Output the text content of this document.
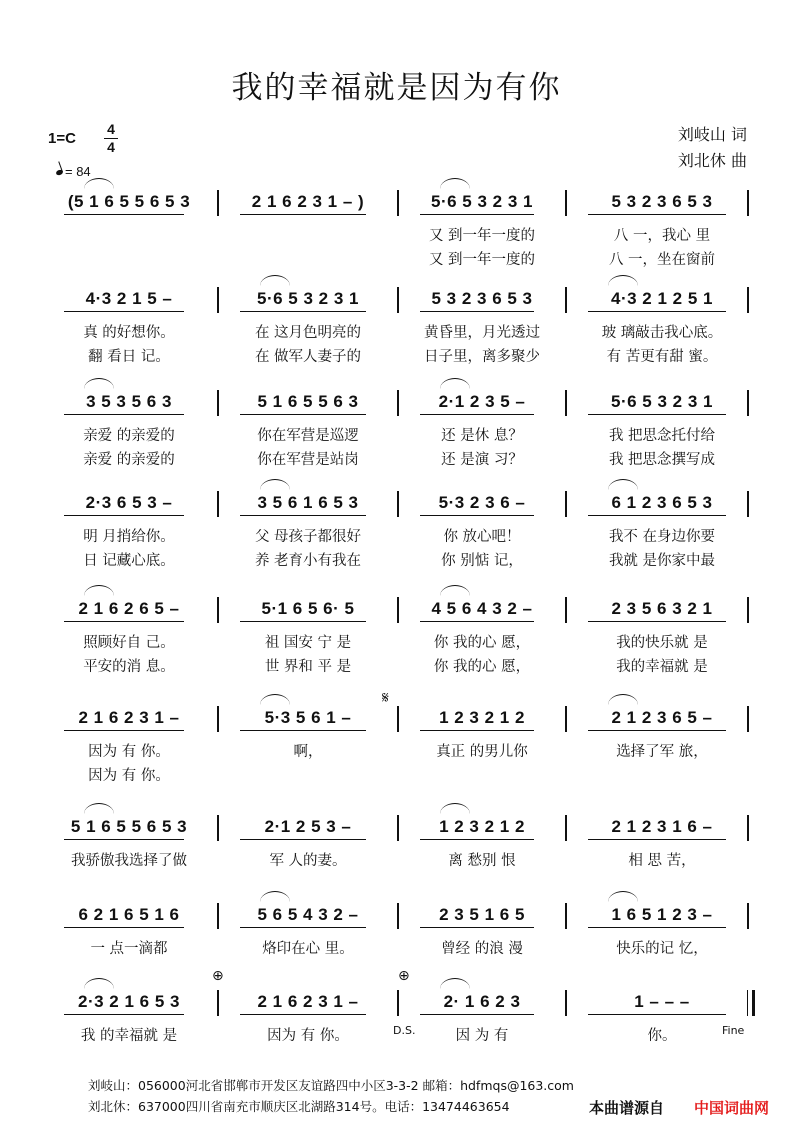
我的幸福就是因为有你
刘岐山 词
刘北休 曲
1=C
4
4
= 84
(5 1 6 5 5 6 5 3	2 1 6 2 3 1 – )	5·6 5 3 2 3 1	5 3 2 3 6 5 3
又 到一年一度的	八 一，我心 里
又 到一年一度的	八 一，坐在窗前
4·3 2 1 5 –	5·6 5 3 2 3 1	5 3 2 3 6 5 3	4·3 2 1 2 5 1
真 的好想你。	在 这月色明亮的	黄昏里，月光透过	玻 璃敲击我心底。
翻 看日 记。	在 做军人妻子的	日子里，离多聚少	有 苦更有甜 蜜。
3 5 3 5 6 3	5 1 6 5 5 6 3	2·1 2 3 5 –	5·6 5 3 2 3 1
亲爱 的亲爱的	你在军营是巡逻	还 是休 息？	我 把思念托付给
亲爱 的亲爱的	你在军营是站岗	还 是演 习？	我 把思念撰写成
2·3 6 5 3 –	3 5 6 1 6 5 3	5·3 2 3 6 –	6 1 2 3 6 5 3
明 月捎给你。	父 母孩子都很好	你 放心吧！	我不 在身边你要
日 记藏心底。	养 老育小有我在	你 别惦 记，	我就 是你家中最
2 1 6 2 6 5 –	5·1 6 5 6· 5	4 5 6 4 3 2 –	2 3 5 6 3 2 1
照顾好自 己。	祖 国安 宁 是	你 我的心 愿，	我的快乐就 是
平安的消 息。	世 界和 平 是	你 我的心 愿，	我的幸福就 是
2 1 6 2 3 1 –	5·3 5 6 1 –	1 2 3 2 1 2	2 1 2 3 6 5 –
因为 有 你。	啊，	真正 的男儿你	选择了军 旅，
因为 有 你。
5 1 6 5 5 6 5 3	2·1 2 5 3 –	1 2 3 2 1 2	2 1 2 3 1 6 –
我骄傲我选择了做	军 人的妻。	离 愁别 恨	相 思 苦，
6 2 1 6 5 1 6	5 6 5 4 3 2 –	2 3 5 1 6 5	1 6 5 1 2 3 –
一 点一滴都	烙印在心 里。	曾经 的浪 漫	快乐的记 忆，
2·3 2 1 6 5 3	2 1 6 2 3 1 –	2· 1 6 2 3	1 – – –
我 的幸福就 是	因为 有 你。	因 为 有	你。
𝄋
⊕	⊕
D.S.	Fine
刘岐山：056000河北省邯郸市开发区友谊路四中小区3-3-2 邮箱：hdfmqs@163.com
刘北休：637000四川省南充市顺庆区北湖路314号。电话：13474463654	本曲谱源自 中国词曲网
